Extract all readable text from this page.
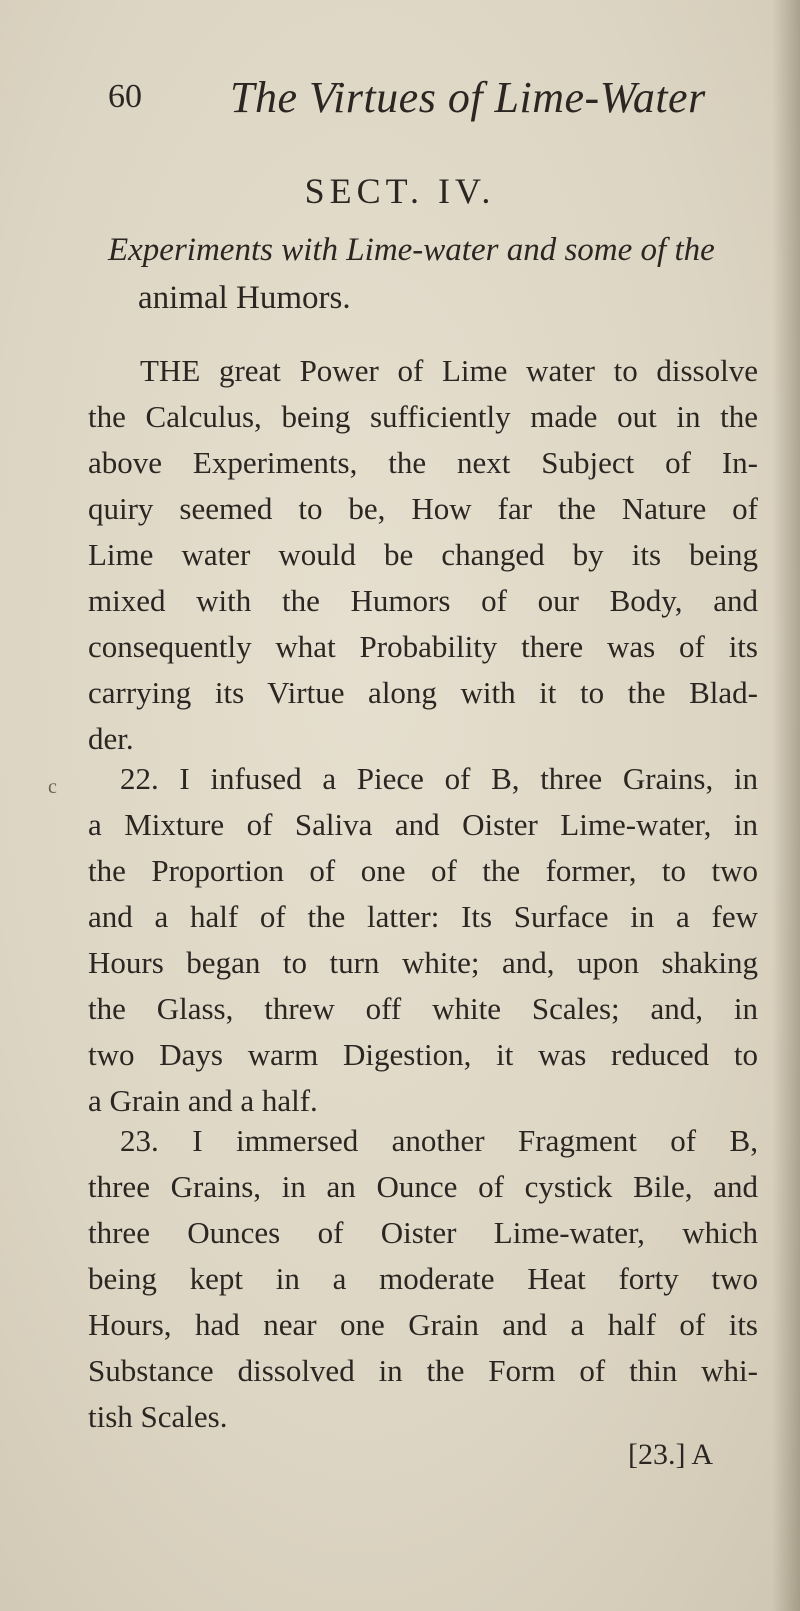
60 The Virtues of Lime-Water
SECT. IV.
Experiments with Lime-water and some of the
animal Humors.
THE great Power of Lime water to dissolve
the Calculus, being sufficiently made out in the
above Experiments, the next Subject of In-
quiry seemed to be, How far the Nature of
Lime water would be changed by its being
mixed with the Humors of our Body, and
consequently what Probability there was of its
carrying its Virtue along with it to the Blad-
der.
c	22. I infused a Piece of B, three Grains, in
a Mixture of Saliva and Oister Lime-water, in
the Proportion of one of the former, to two
and a half of the latter: Its Surface in a few
Hours began to turn white; and, upon shaking
the Glass, threw off white Scales; and, in
two Days warm Digestion, it was reduced to
a Grain and a half.
23. I immersed another Fragment of B,
three Grains, in an Ounce of cystick Bile, and
three Ounces of Oister Lime-water, which
being kept in a moderate Heat forty two
Hours, had near one Grain and a half of its
Substance dissolved in the Form of thin whi-
tish Scales.
[23.] A
